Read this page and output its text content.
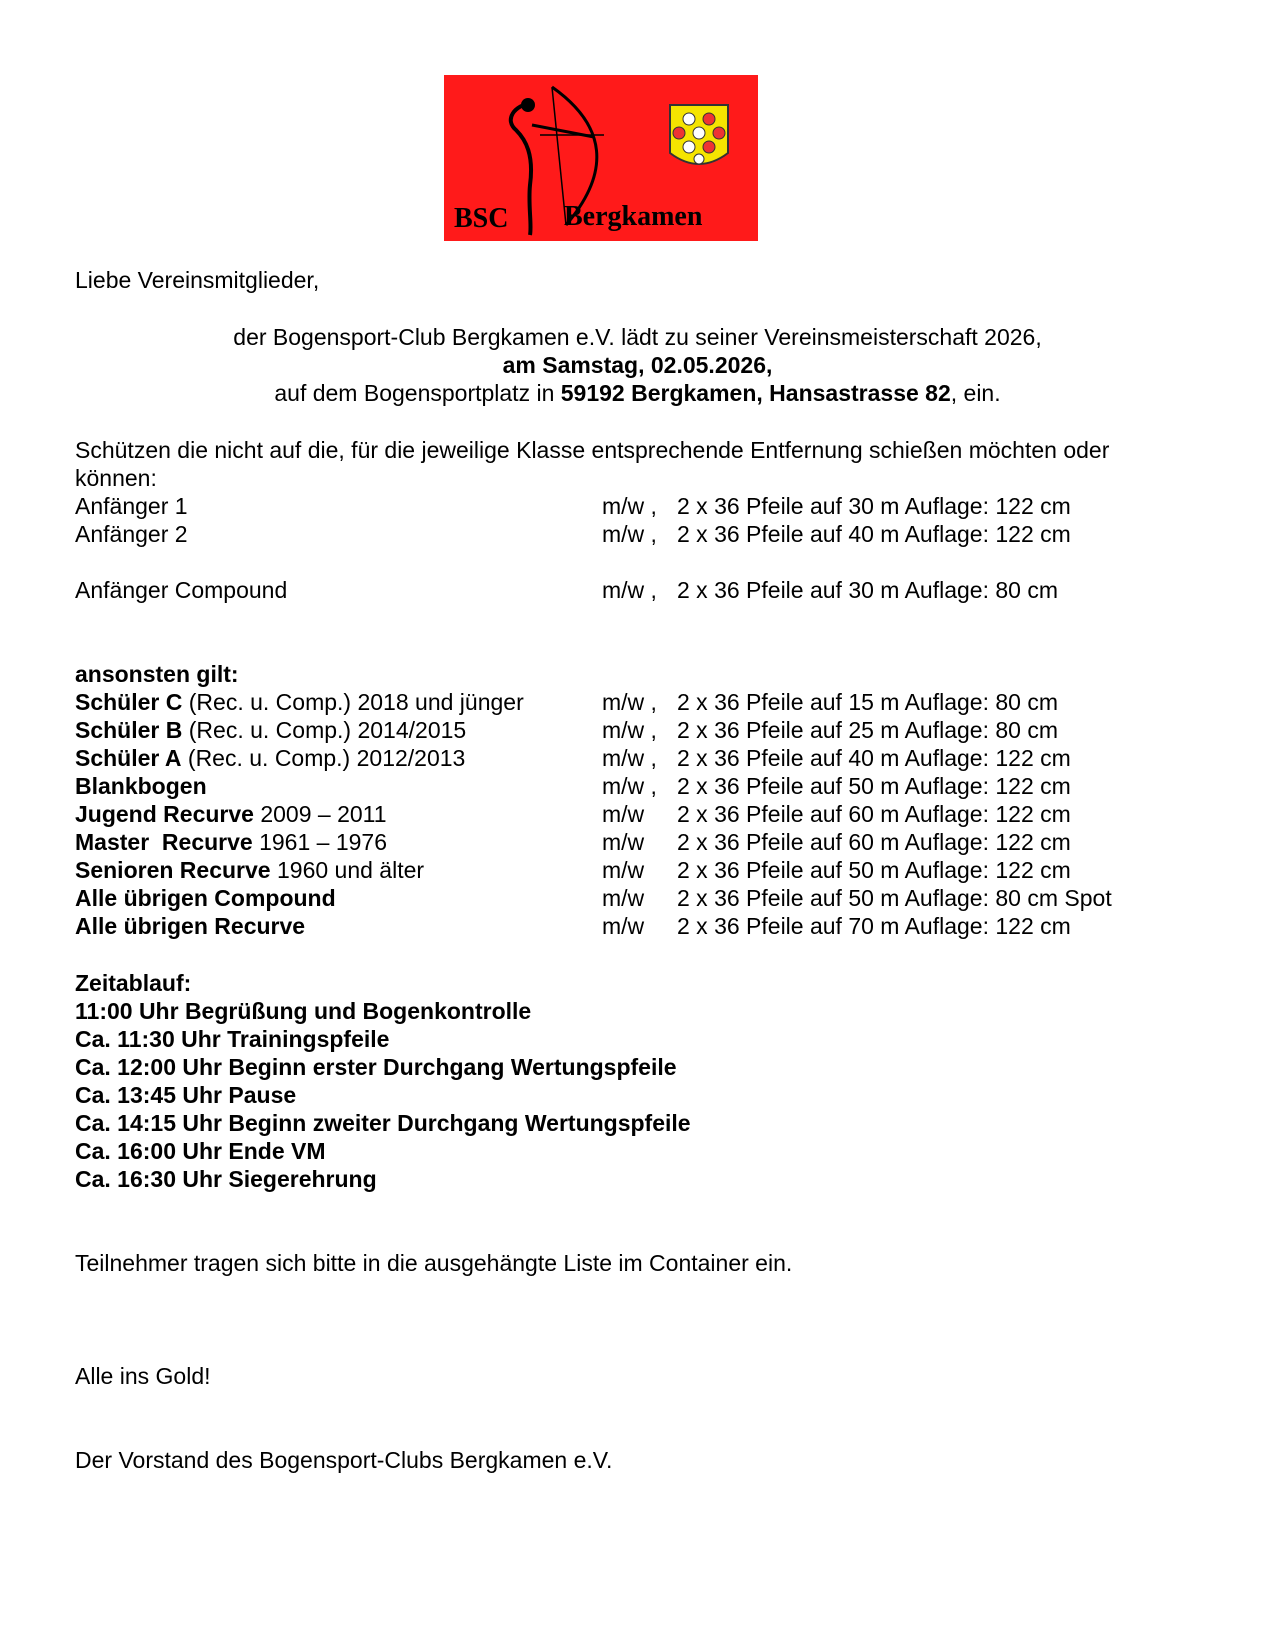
BSC Bergkamen
Liebe Vereinsmitglieder,
der Bogensport-Club Bergkamen e.V. lädt zu seiner Vereinsmeisterschaft 2026,
am Samstag, 02.05.2026,
auf dem Bogensportplatz in 59192 Bergkamen, Hansastrasse 82, ein.
Schützen die nicht auf die, für die jeweilige Klasse entsprechende Entfernung schießen möchten oder
können:
Anfänger 1	m/w , 2 x 36 Pfeile auf 30 m Auflage: 122 cm
Anfänger 2	m/w , 2 x 36 Pfeile auf 40 m Auflage: 122 cm
Anfänger Compound	m/w , 2 x 36 Pfeile auf 30 m Auflage: 80 cm
ansonsten gilt:
Schüler C (Rec. u. Comp.) 2018 und jünger	m/w , 2 x 36 Pfeile auf 15 m Auflage: 80 cm
Schüler B (Rec. u. Comp.) 2014/2015	m/w , 2 x 36 Pfeile auf 25 m Auflage: 80 cm
Schüler A (Rec. u. Comp.) 2012/2013	m/w , 2 x 36 Pfeile auf 40 m Auflage: 122 cm
Blankbogen	m/w , 2 x 36 Pfeile auf 50 m Auflage: 122 cm
Jugend Recurve 2009 – 2011	m/w 2 x 36 Pfeile auf 60 m Auflage: 122 cm
Master  Recurve 1961 – 1976	m/w 2 x 36 Pfeile auf 60 m Auflage: 122 cm
Senioren Recurve 1960 und älter	m/w 2 x 36 Pfeile auf 50 m Auflage: 122 cm
Alle übrigen Compound	m/w 2 x 36 Pfeile auf 50 m Auflage: 80 cm Spot
Alle übrigen Recurve	m/w 2 x 36 Pfeile auf 70 m Auflage: 122 cm
Zeitablauf:
11:00 Uhr Begrüßung und Bogenkontrolle
Ca. 11:30 Uhr Trainingspfeile
Ca. 12:00 Uhr Beginn erster Durchgang Wertungspfeile
Ca. 13:45 Uhr Pause
Ca. 14:15 Uhr Beginn zweiter Durchgang Wertungspfeile
Ca. 16:00 Uhr Ende VM
Ca. 16:30 Uhr Siegerehrung
Teilnehmer tragen sich bitte in die ausgehängte Liste im Container ein.
Alle ins Gold!
Der Vorstand des Bogensport-Clubs Bergkamen e.V.
